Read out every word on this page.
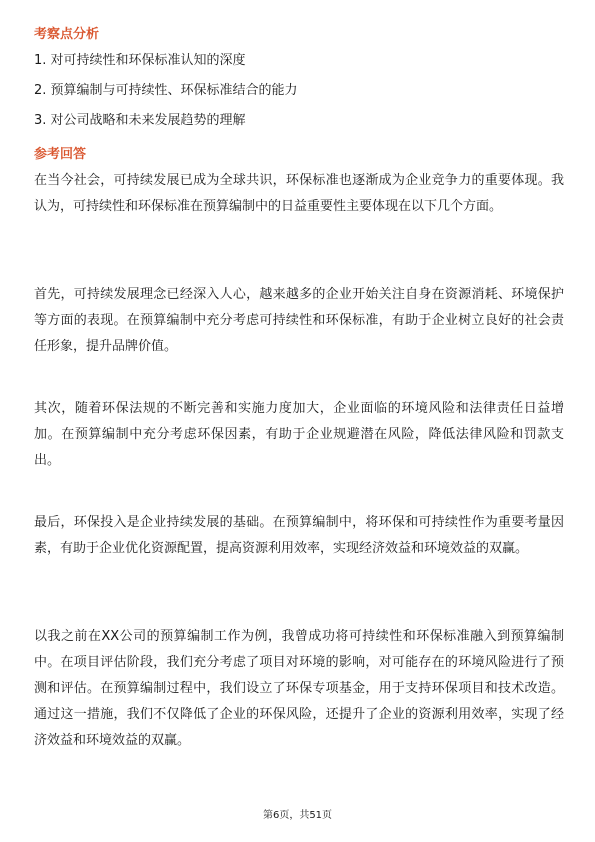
考察点分析

1. 对可持续性和环保标准认知的深度

2. 预算编制与可持续性、环保标准结合的能力

3. 对公司战略和未来发展趋势的理解

参考回答

在当今社会，可持续发展已成为全球共识，环保标准也逐渐成为企业竞争力的重要体现。我认为，可持续性和环保标准在预算编制中的日益重要性主要体现在以下几个方面。

首先，可持续发展理念已经深入人心，越来越多的企业开始关注自身在资源消耗、环境保护等方面的表现。在预算编制中充分考虑可持续性和环保标准，有助于企业树立良好的社会责任形象，提升品牌价值。

其次，随着环保法规的不断完善和实施力度加大，企业面临的环境风险和法律责任日益增加。在预算编制中充分考虑环保因素，有助于企业规避潜在风险，降低法律风险和罚款支出。

最后，环保投入是企业持续发展的基础。在预算编制中，将环保和可持续性作为重要考量因素，有助于企业优化资源配置，提高资源利用效率，实现经济效益和环境效益的双赢。

以我之前在XX公司的预算编制工作为例，我曾成功将可持续性和环保标准融入到预算编制中。在项目评估阶段，我们充分考虑了项目对环境的影响，对可能存在的环境风险进行了预测和评估。在预算编制过程中，我们设立了环保专项基金，用于支持环保项目和技术改造。通过这一措施，我们不仅降低了企业的环保风险，还提升了企业的资源利用效率，实现了经济效益和环境效益的双赢。

第6页，共51页
